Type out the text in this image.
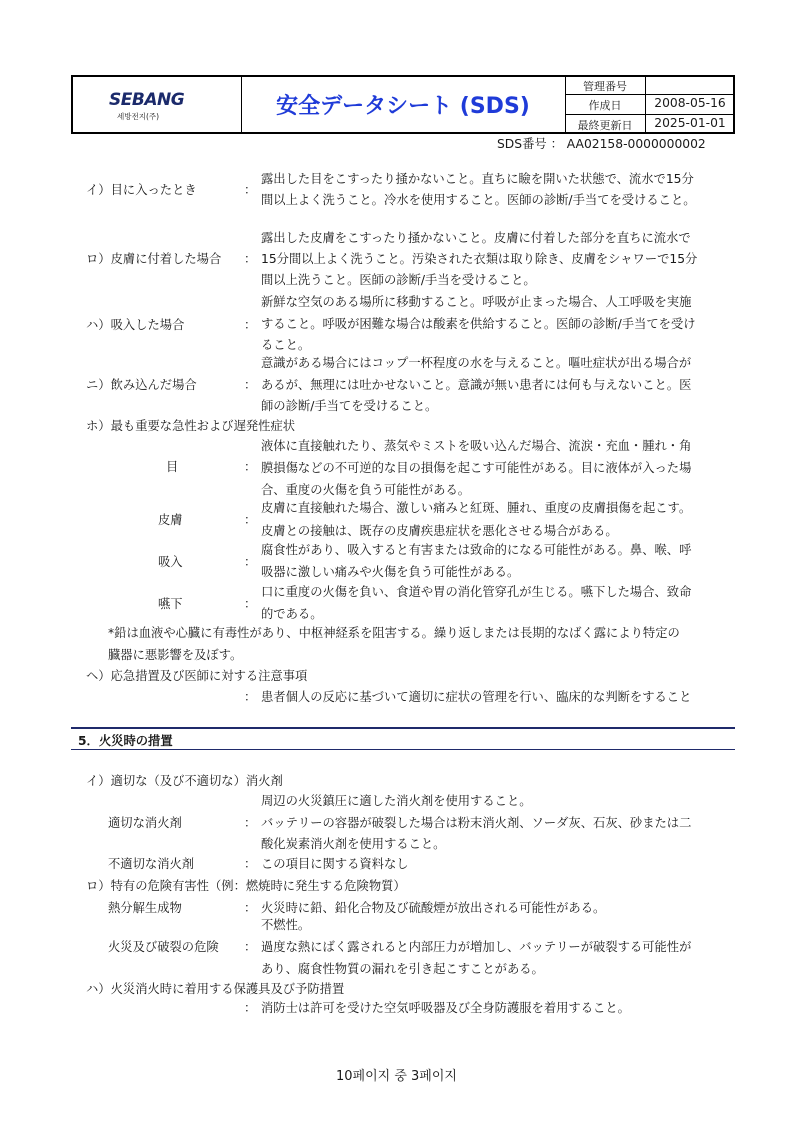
SEBANG
세방전지(주)	安全データシート (SDS)
管理番号
作成日	2008-05-16
最終更新日	2025-01-01
SDS番号 ： AA02158-0000000002
イ）目に入ったとき	：
露出した目をこすったり掻かないこと。直ちに瞼を開いた状態で、流水で15分
間以上よく洗うこと。冷水を使用すること。医師の診断/手当てを受けること。
ロ）皮膚に付着した場合 ：
露出した皮膚をこすったり掻かないこと。皮膚に付着した部分を直ちに流水で
15分間以上よく洗うこと。汚染された衣類は取り除き、皮膚をシャワーで15分
間以上洗うこと。医師の診断/手当を受けること。
ハ）吸入した場合	：
新鮮な空気のある場所に移動すること。呼吸が止まった場合、人工呼吸を実施
すること。呼吸が困難な場合は酸素を供給すること。医師の診断/手当てを受け
ること。
ニ）飲み込んだ場合	：
意識がある場合にはコップ一杯程度の水を与えること。嘔吐症状が出る場合が
あるが、無理には吐かせないこと。意識が無い患者には何も与えないこと。医
師の診断/手当てを受けること。
ホ）最も重要な急性および遅発性症状
目	：
液体に直接触れたり、蒸気やミストを吸い込んだ場合、流涙・充血・腫れ・角
膜損傷などの不可逆的な目の損傷を起こす可能性がある。目に液体が入った場
合、重度の火傷を負う可能性がある。
皮膚	：
皮膚に直接触れた場合、激しい痛みと紅斑、腫れ、重度の皮膚損傷を起こす。
皮膚との接触は、既存の皮膚疾患症状を悪化させる場合がある。
吸入	：
腐食性があり、吸入すると有害または致命的になる可能性がある。鼻、喉、呼
吸器に激しい痛みや火傷を負う可能性がある。
嚥下	：
口に重度の火傷を負い、食道や胃の消化管穿孔が生じる。嚥下した場合、致命
的である。
*鉛は血液や心臓に有毒性があり、中枢神経系を阻害する。繰り返しまたは長期的なばく露により特定の
臓器に悪影響を及ぼす。
ヘ）応急措置及び医師に対する注意事項
： 患者個人の反応に基づいて適切に症状の管理を行い、臨床的な判断をすること
5．火災時の措置
イ）適切な（及び不適切な）消火剤
周辺の火災鎮圧に適した消火剤を使用すること。
適切な消火剤	： バッテリーの容器が破裂した場合は粉末消火剤、ソーダ灰、石灰、砂または二
酸化炭素消火剤を使用すること。
不適切な消火剤	： この項目に関する資料なし
ロ）特有の危険有害性（例：燃焼時に発生する危険物質）
熱分解生成物	： 火災時に鉛、鉛化合物及び硫酸煙が放出される可能性がある。
不燃性。
火災及び破裂の危険 ： 過度な熱にばく露されると内部圧力が増加し、バッテリーが破裂する可能性が
あり、腐食性物質の漏れを引き起こすことがある。
ハ）火災消火時に着用する保護具及び予防措置
： 消防士は許可を受けた空気呼吸器及び全身防護服を着用すること。
10페이지 중 3페이지
